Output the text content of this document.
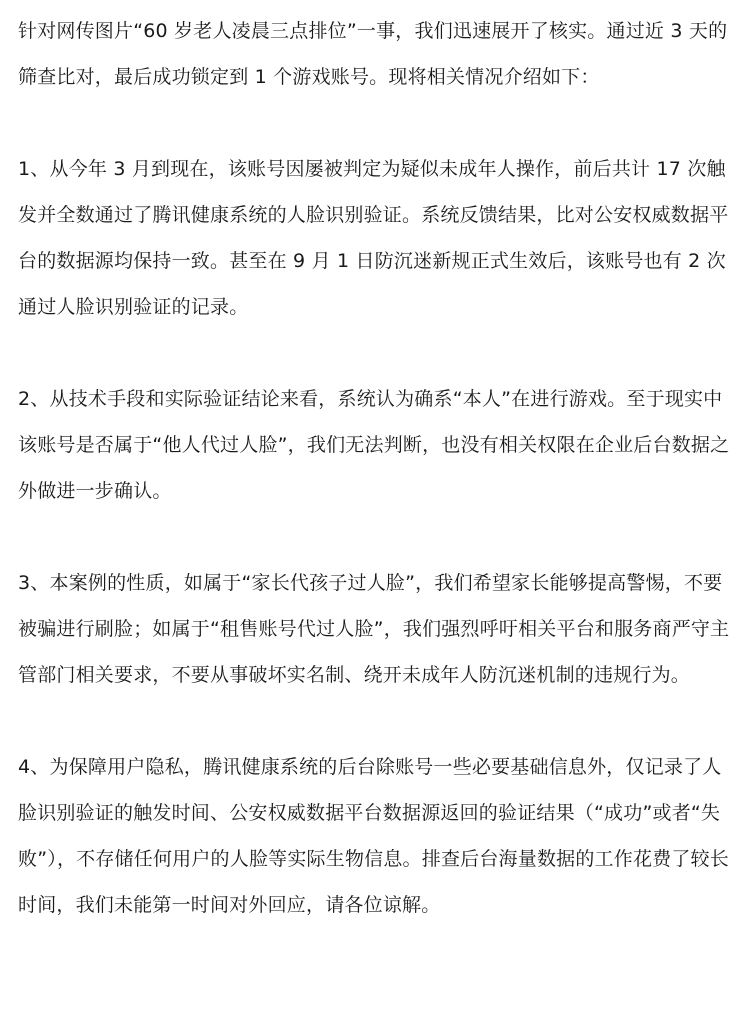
针对网传图片“60 岁老人凌晨三点排位”一事，我们迅速展开了核实。通过近 3 天的筛查比对，最后成功锁定到 1 个游戏账号。现将相关情况介绍如下：

1、从今年 3 月到现在，该账号因屡被判定为疑似未成年人操作，前后共计 17 次触发并全数通过了腾讯健康系统的人脸识别验证。系统反馈结果，比对公安权威数据平台的数据源均保持一致。甚至在 9 月 1 日防沉迷新规正式生效后，该账号也有 2 次通过人脸识别验证的记录。

2、从技术手段和实际验证结论来看，系统认为确系“本人”在进行游戏。至于现实中该账号是否属于“他人代过人脸”，我们无法判断，也没有相关权限在企业后台数据之外做进一步确认。

3、本案例的性质，如属于“家长代孩子过人脸”，我们希望家长能够提高警惕，不要被骗进行刷脸；如属于“租售账号代过人脸”，我们强烈呼吁相关平台和服务商严守主管部门相关要求，不要从事破坏实名制、绕开未成年人防沉迷机制的违规行为。

4、为保障用户隐私，腾讯健康系统的后台除账号一些必要基础信息外，仅记录了人脸识别验证的触发时间、公安权威数据平台数据源返回的验证结果（“成功”或者“失败”），不存储任何用户的人脸等实际生物信息。排查后台海量数据的工作花费了较长时间，我们未能第一时间对外回应，请各位谅解。
